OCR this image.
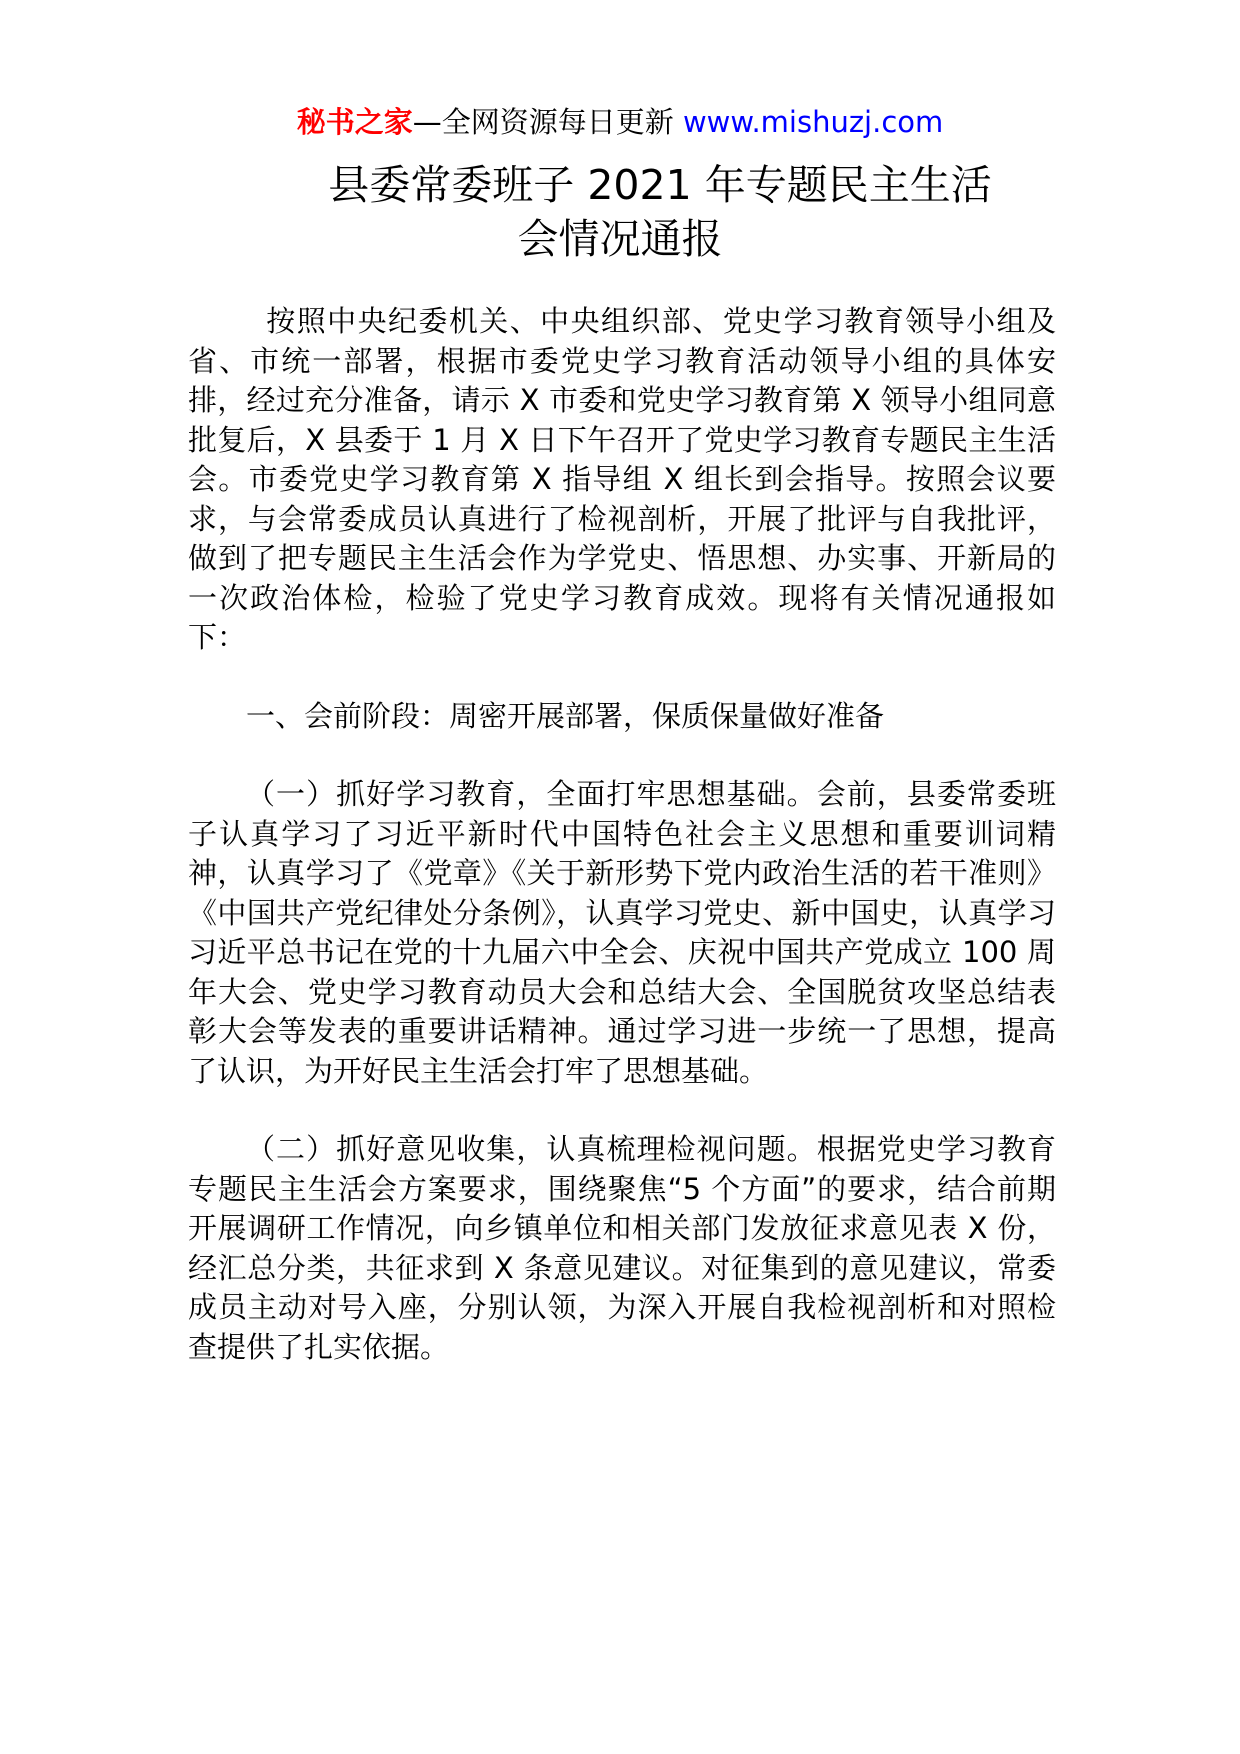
秘书之家—全网资源每日更新 www.mishuzj.com
县委常委班子 2021 年专题民主生活
会情况通报

按照中央纪委机关、中央组织部、党史学习教育领导小组及省、市统一部署，根据市委党史学习教育活动领导小组的具体安排，经过充分准备，请示 X 市委和党史学习教育第 X 领导小组同意批复后，X 县委于 1 月 X 日下午召开了党史学习教育专题民主生活会。市委党史学习教育第 X 指导组 X 组长到会指导。按照会议要求，与会常委成员认真进行了检视剖析，开展了批评与自我批评，做到了把专题民主生活会作为学党史、悟思想、办实事、开新局的一次政治体检，检验了党史学习教育成效。现将有关情况通报如下：

一、会前阶段：周密开展部署，保质保量做好准备

（一）抓好学习教育，全面打牢思想基础。会前，县委常委班子认真学习了习近平新时代中国特色社会主义思想和重要训词精神，认真学习了《党章》《关于新形势下党内政治生活的若干准则》《中国共产党纪律处分条例》，认真学习党史、新中国史，认真学习习近平总书记在党的十九届六中全会、庆祝中国共产党成立 100 周年大会、党史学习教育动员大会和总结大会、全国脱贫攻坚总结表彰大会等发表的重要讲话精神。通过学习进一步统一了思想，提高了认识，为开好民主生活会打牢了思想基础。

（二）抓好意见收集，认真梳理检视问题。根据党史学习教育专题民主生活会方案要求，围绕聚焦“5 个方面”的要求，结合前期开展调研工作情况，向乡镇单位和相关部门发放征求意见表 X 份，经汇总分类，共征求到 X 条意见建议。对征集到的意见建议，常委成员主动对号入座，分别认领，为深入开展自我检视剖析和对照检查提供了扎实依据。
